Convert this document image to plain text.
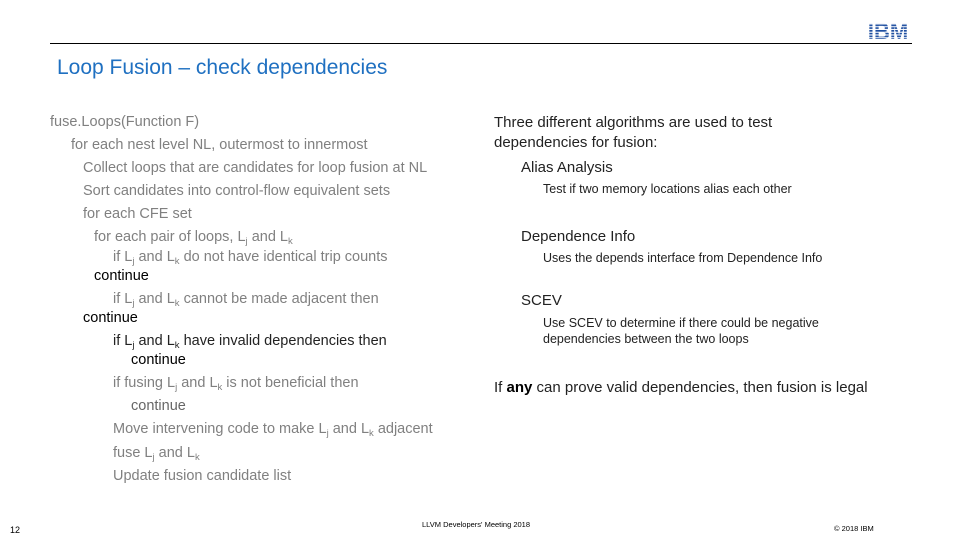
Loop Fusion – check dependencies
fuse.Loops(Function F)
for each nest level NL, outermost to innermost
Collect loops that are candidates for loop fusion at NL
Sort candidates into control-flow equivalent sets
for each CFE set
for each pair of loops, $L_j$ and $L_k$
if $L_j$ and $L_k$ do not have identical trip counts
continue
if $L_j$ and $L_k$ cannot be made adjacent then
continue
if $L_j$ and $L_k$ have invalid dependencies then
continue
if fusing $L_j$ and $L_k$ is not beneficial then
continue
Move intervening code to make $L_j$ and $L_k$ adjacent
fuse $L_j$ and $L_k$
Update fusion candidate list
Three different algorithms are used to test
dependencies for fusion:
Alias Analysis
Test if two memory locations alias each other
Dependence Info
Uses the depends interface from Dependence Info
SCEV
Use SCEV to determine if there could be negative
dependencies between the two loops
If any can prove valid dependencies, then fusion is legal
12
LLVM Developers' Meeting 2018	© 2018 IBM
